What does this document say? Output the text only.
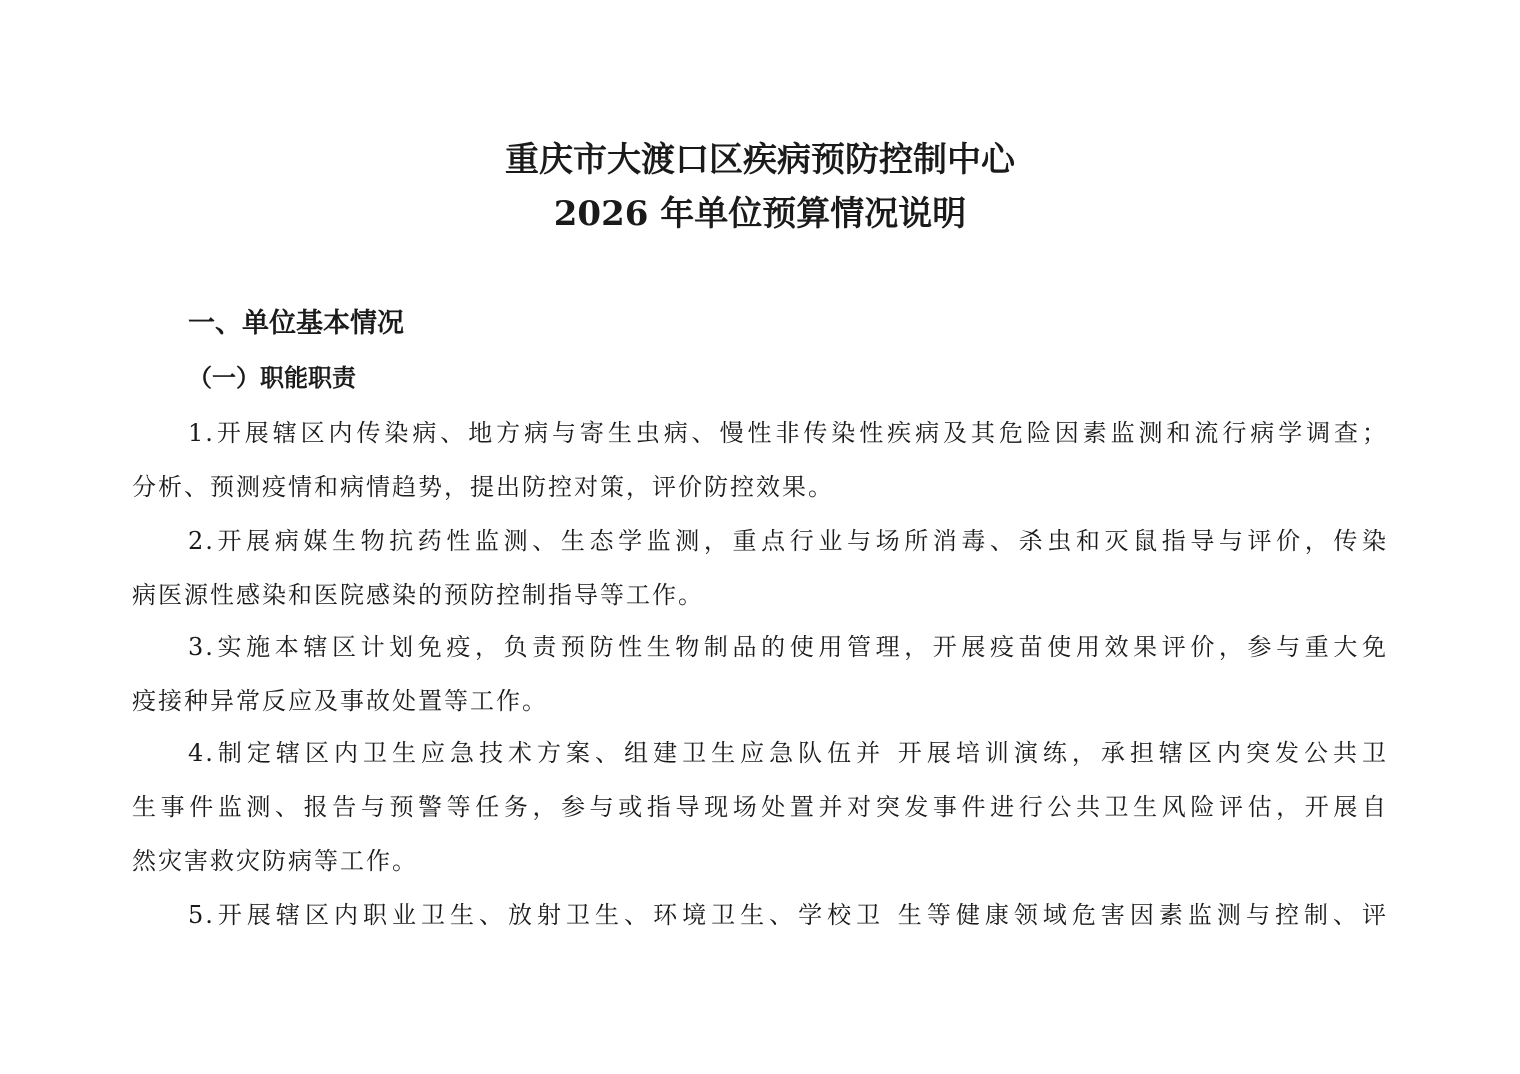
重庆市大渡口区疾病预防控制中心
2026 年单位预算情况说明
一、单位基本情况
（一）职能职责
1.开展辖区内传染病、地方病与寄生虫病、慢性非传染性疾病及其危险因素监测和流行病学调查；
分析、预测疫情和病情趋势，提出防控对策，评价防控效果。
2.开展病媒生物抗药性监测、生态学监测，重点行业与场所消毒、杀虫和灭鼠指导与评价，传染
病医源性感染和医院感染的预防控制指导等工作。
3.实施本辖区计划免疫，负责预防性生物制品的使用管理，开展疫苗使用效果评价，参与重大免
疫接种异常反应及事故处置等工作。
4.制定辖区内卫生应急技术方案、组建卫生应急队伍并 开展培训演练，承担辖区内突发公共卫
生事件监测、报告与预警等任务，参与或指导现场处置并对突发事件进行公共卫生风险评估，开展自
然灾害救灾防病等工作。
5.开展辖区内职业卫生、放射卫生、环境卫生、学校卫 生等健康领域危害因素监测与控制、评
